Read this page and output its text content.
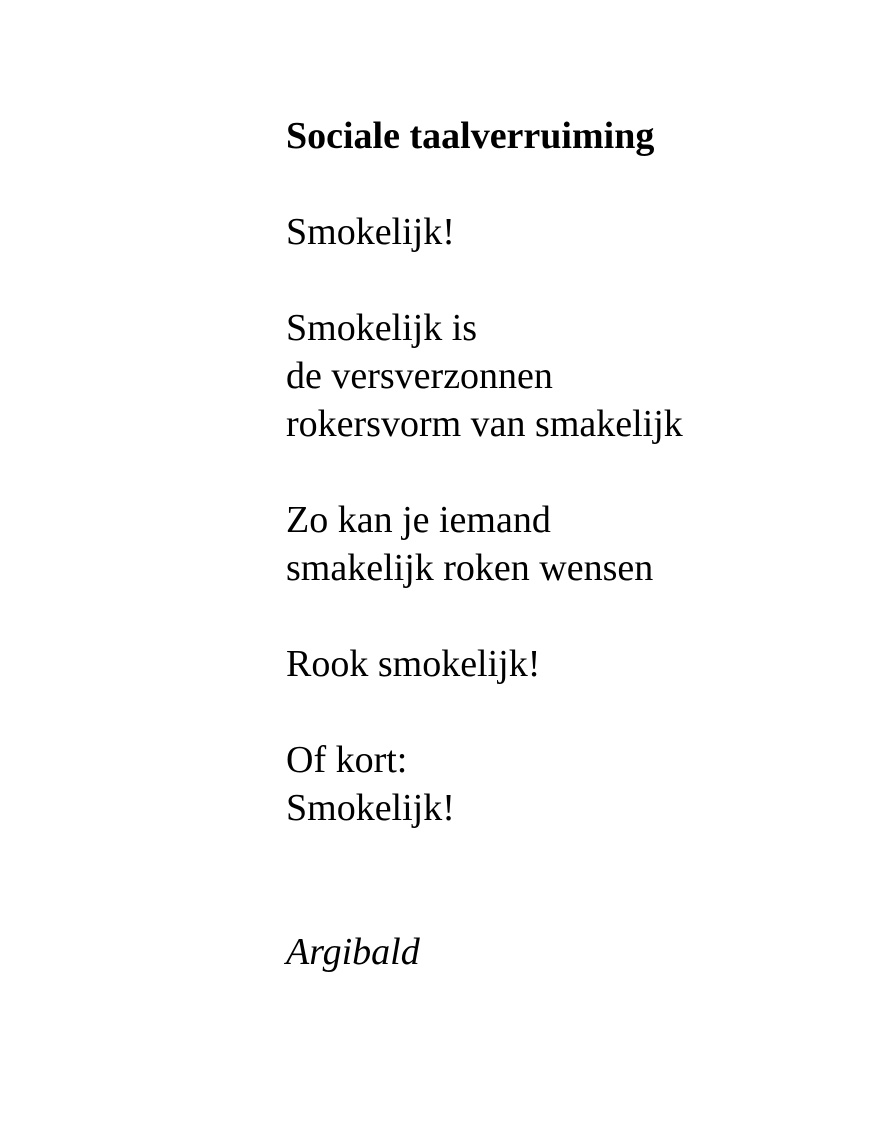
Sociale taalverruiming

Smokelijk!

Smokelijk is
de versverzonnen
rokersvorm van smakelijk

Zo kan je iemand
smakelijk roken wensen

Rook smokelijk!

Of kort:
Smokelijk!

Argibald
